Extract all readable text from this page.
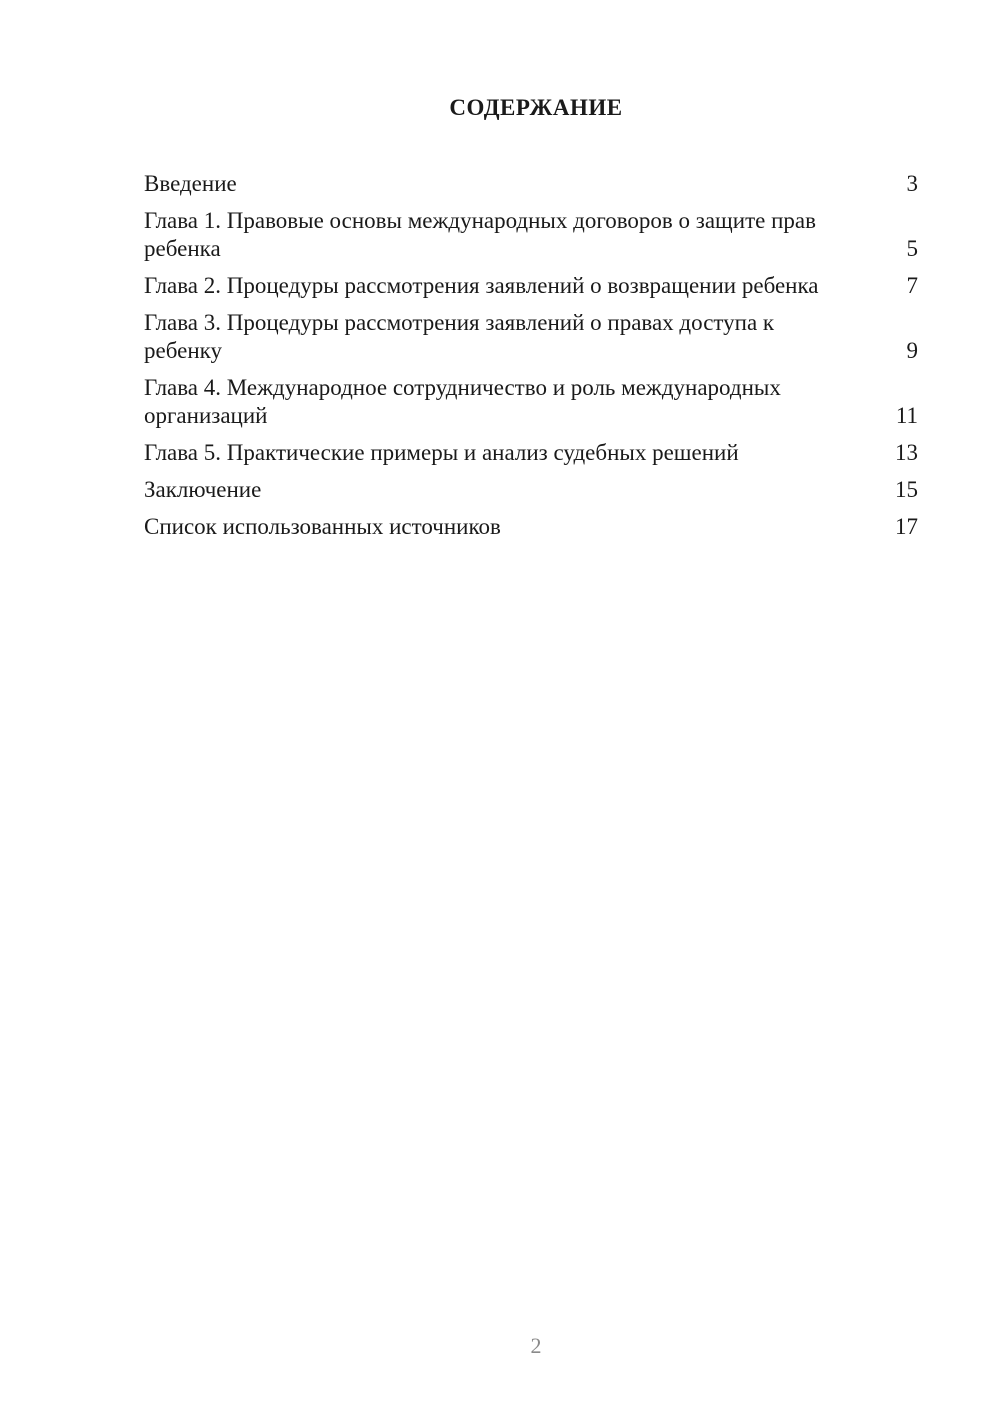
СОДЕРЖАНИЕ
Введение	3
Глава 1. Правовые основы международных договоров о защите прав ребенка	5
Глава 2. Процедуры рассмотрения заявлений о возвращении ребенка	7
Глава 3. Процедуры рассмотрения заявлений о правах доступа к ребенку	9
Глава 4. Международное сотрудничество и роль международных организаций	11
Глава 5. Практические примеры и анализ судебных решений	13
Заключение	15
Список использованных источников	17
2
